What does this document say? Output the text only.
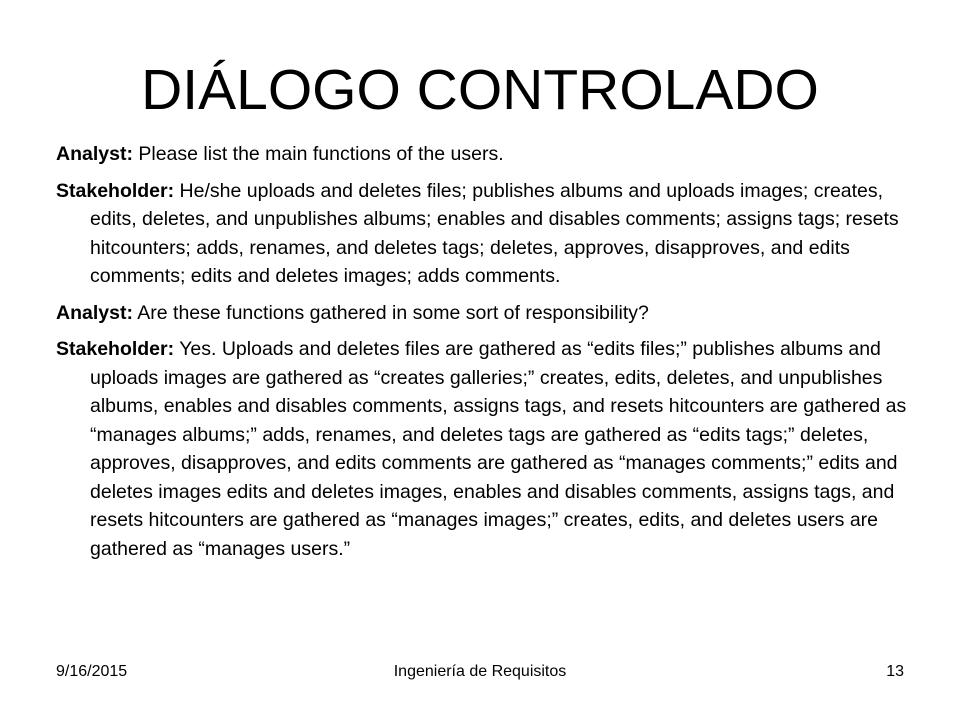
DIÁLOGO CONTROLADO

Analyst: Please list the main functions of the users.

Stakeholder: He/she uploads and deletes files; publishes albums and uploads images; creates, edits, deletes, and unpublishes albums; enables and disables comments; assigns tags; resets hitcounters; adds, renames, and deletes tags; deletes, approves, disapproves, and edits comments; edits and deletes images; adds comments.

Analyst: Are these functions gathered in some sort of responsibility?

Stakeholder: Yes. Uploads and deletes files are gathered as “edits files;” publishes albums and uploads images are gathered as “creates galleries;” creates, edits, deletes, and unpublishes albums, enables and disables comments, assigns tags, and resets hitcounters are gathered as “manages albums;” adds, renames, and deletes tags are gathered as “edits tags;” deletes, approves, disapproves, and edits comments are gathered as “manages comments;” edits and deletes images edits and deletes images, enables and disables comments, assigns tags, and resets hitcounters are gathered as “manages images;” creates, edits, and deletes users are gathered as “manages users.”

9/16/2015	Ingeniería de Requisitos	13
